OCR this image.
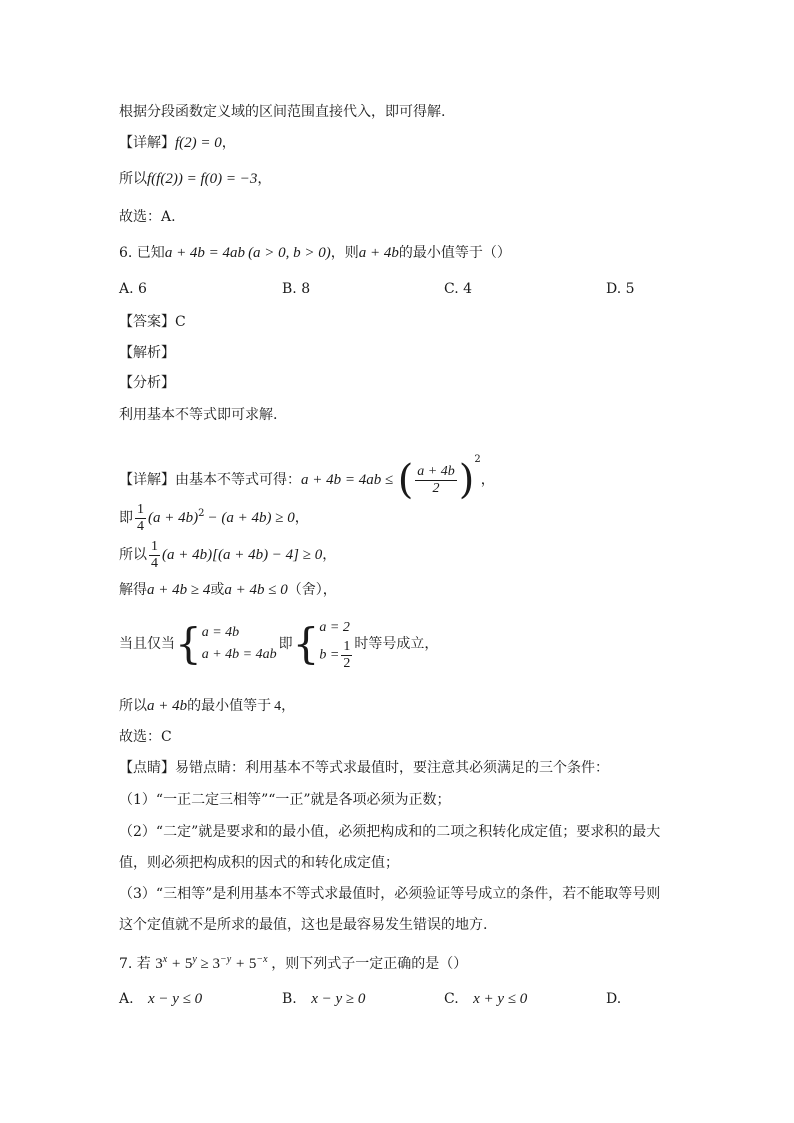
根据分段函数定义域的区间范围直接代入，即可得解.
【详解】f(2) = 0，
所以f(f(2)) = f(0) = −3，
故选：A.
6. 已知a + 4b = 4ab (a > 0, b > 0)，则a + 4b的最小值等于（）
A. 6	B. 8	C. 4	D. 5
【答案】C
【解析】
【分析】
利用基本不等式即可求解.
【详解】由基本不等式可得：a + 4b = 4ab ≤ ( $\frac{a + 4b}{2} )^2$，
即 $\frac{1}{4} (a + 4b)^2 - (a + 4b) \ge 0$，
所以 $\frac{1}{4} (a + 4b)[(a + 4b) - 4] \ge 0$，
解得a + 4b ≥ 4或a + 4b ≤ 0（舍），
当且仅当{ a = 4b
a + 4b = 4ab
即{ a = 2
$b = \frac{1}{2}$ 时等号成立，
所以a + 4b的最小值等于 4，
故选：C
【点睛】易错点睛：利用基本不等式求最值时，要注意其必须满足的三个条件：
（1）“一正二定三相等”“一正”就是各项必须为正数；
（2）“二定”就是要求和的最小值，必须把构成和的二项之积转化成定值；要求积的最大
值，则必须把构成积的因式的和转化成定值；
（3）“三相等”是利用基本不等式求最值时，必须验证等号成立的条件，若不能取等号则
这个定值就不是所求的最值，这也是最容易发生错误的地方.
7. 若 $3^x + 5^y \ge 3^{-y} + 5^{-x}$ ，则下列式子一定正确的是（）
A. x − y ≤ 0	B. x − y ≥ 0	C. x + y ≤ 0	D.
